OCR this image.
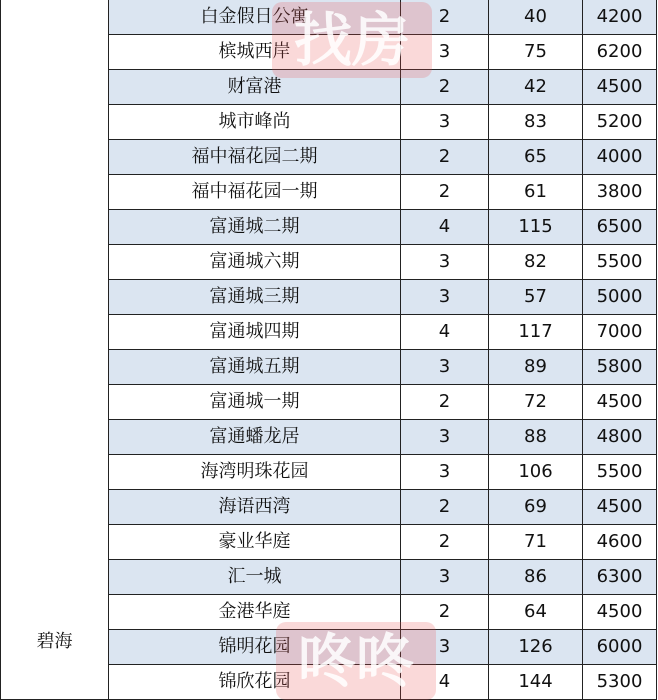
碧海	白金假日公寓	2	40	4200
	槟城西岸	3	75	6200
	财富港	2	42	4500
	城市峰尚	3	83	5200
	福中福花园二期	2	65	4000
	福中福花园一期	2	61	3800
	富通城二期	4	115	6500
	富通城六期	3	82	5500
	富通城三期	3	57	5000
	富通城四期	4	117	7000
	富通城五期	3	89	5800
	富通城一期	2	72	4500
	富通蟠龙居	3	88	4800
	海湾明珠花园	3	106	5500
	海语西湾	2	69	4500
	豪业华庭	2	71	4600
	汇一城	3	86	6300
	金港华庭	2	64	4500
	锦明花园	3	126	6000
	锦欣花园	4	144	5300
找房
咚咚
